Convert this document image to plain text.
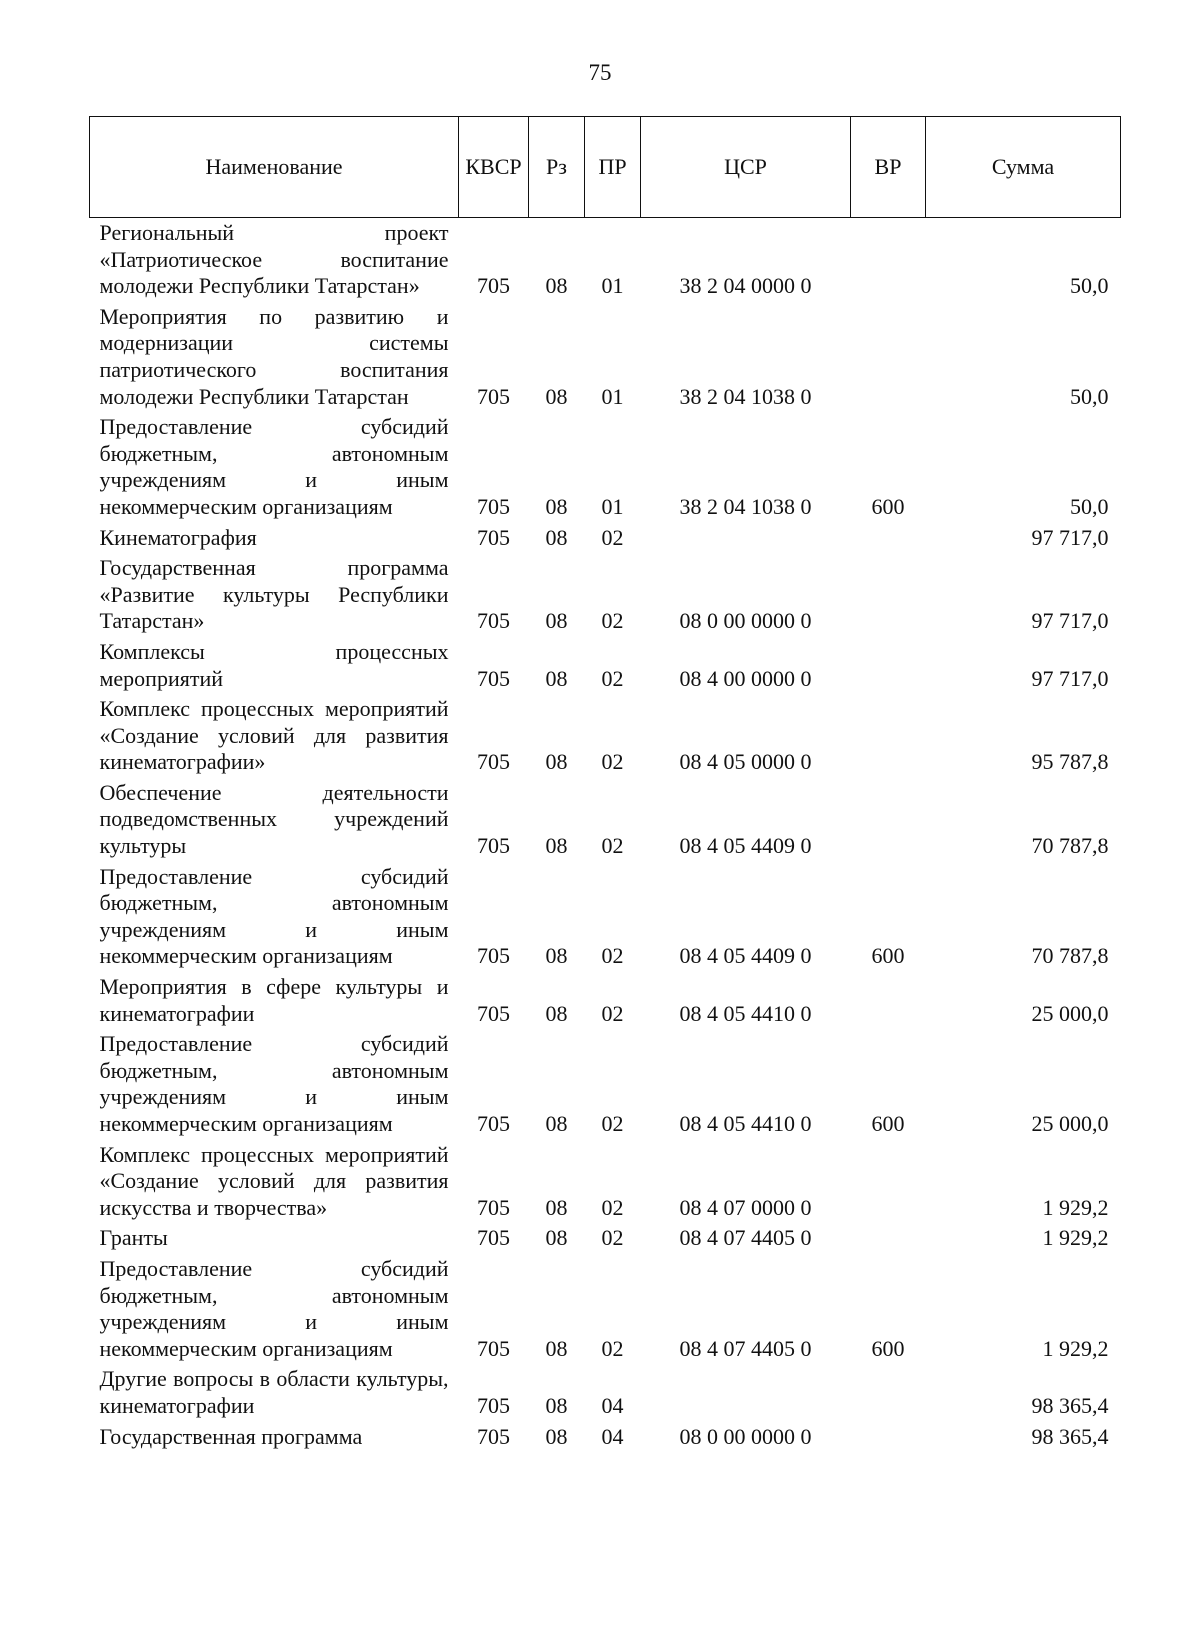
75
Наименование	КВСР	Рз	ПР	ЦСР	ВР	Сумма
Региональный проект «Патриотическое воспитание молодежи Республики Татарстан»	705	08	01	38 2 04 0000 0		50,0
Мероприятия по развитию и модернизации системы патриотического воспитания молодежи Республики Татарстан	705	08	01	38 2 04 1038 0		50,0
Предоставление субсидий бюджетным, автономным учреждениям и иным некоммерческим организациям	705	08	01	38 2 04 1038 0	600	50,0
Кинематография	705	08	02			97 717,0
Государственная программа «Развитие культуры Республики Татарстан»	705	08	02	08 0 00 0000 0		97 717,0
Комплексы процессных мероприятий	705	08	02	08 4 00 0000 0		97 717,0
Комплекс процессных мероприятий «Создание условий для развития кинематографии»	705	08	02	08 4 05 0000 0		95 787,8
Обеспечение деятельности подведомственных учреждений культуры	705	08	02	08 4 05 4409 0		70 787,8
Предоставление субсидий бюджетным, автономным учреждениям и иным некоммерческим организациям	705	08	02	08 4 05 4409 0	600	70 787,8
Мероприятия в сфере культуры и кинематографии	705	08	02	08 4 05 4410 0		25 000,0
Предоставление субсидий бюджетным, автономным учреждениям и иным некоммерческим организациям	705	08	02	08 4 05 4410 0	600	25 000,0
Комплекс процессных мероприятий «Создание условий для развития искусства и творчества»	705	08	02	08 4 07 0000 0		1 929,2
Гранты	705	08	02	08 4 07 4405 0		1 929,2
Предоставление субсидий бюджетным, автономным учреждениям и иным некоммерческим организациям	705	08	02	08 4 07 4405 0	600	1 929,2
Другие вопросы в области культуры, кинематографии	705	08	04			98 365,4
Государственная программа	705	08	04	08 0 00 0000 0		98 365,4
